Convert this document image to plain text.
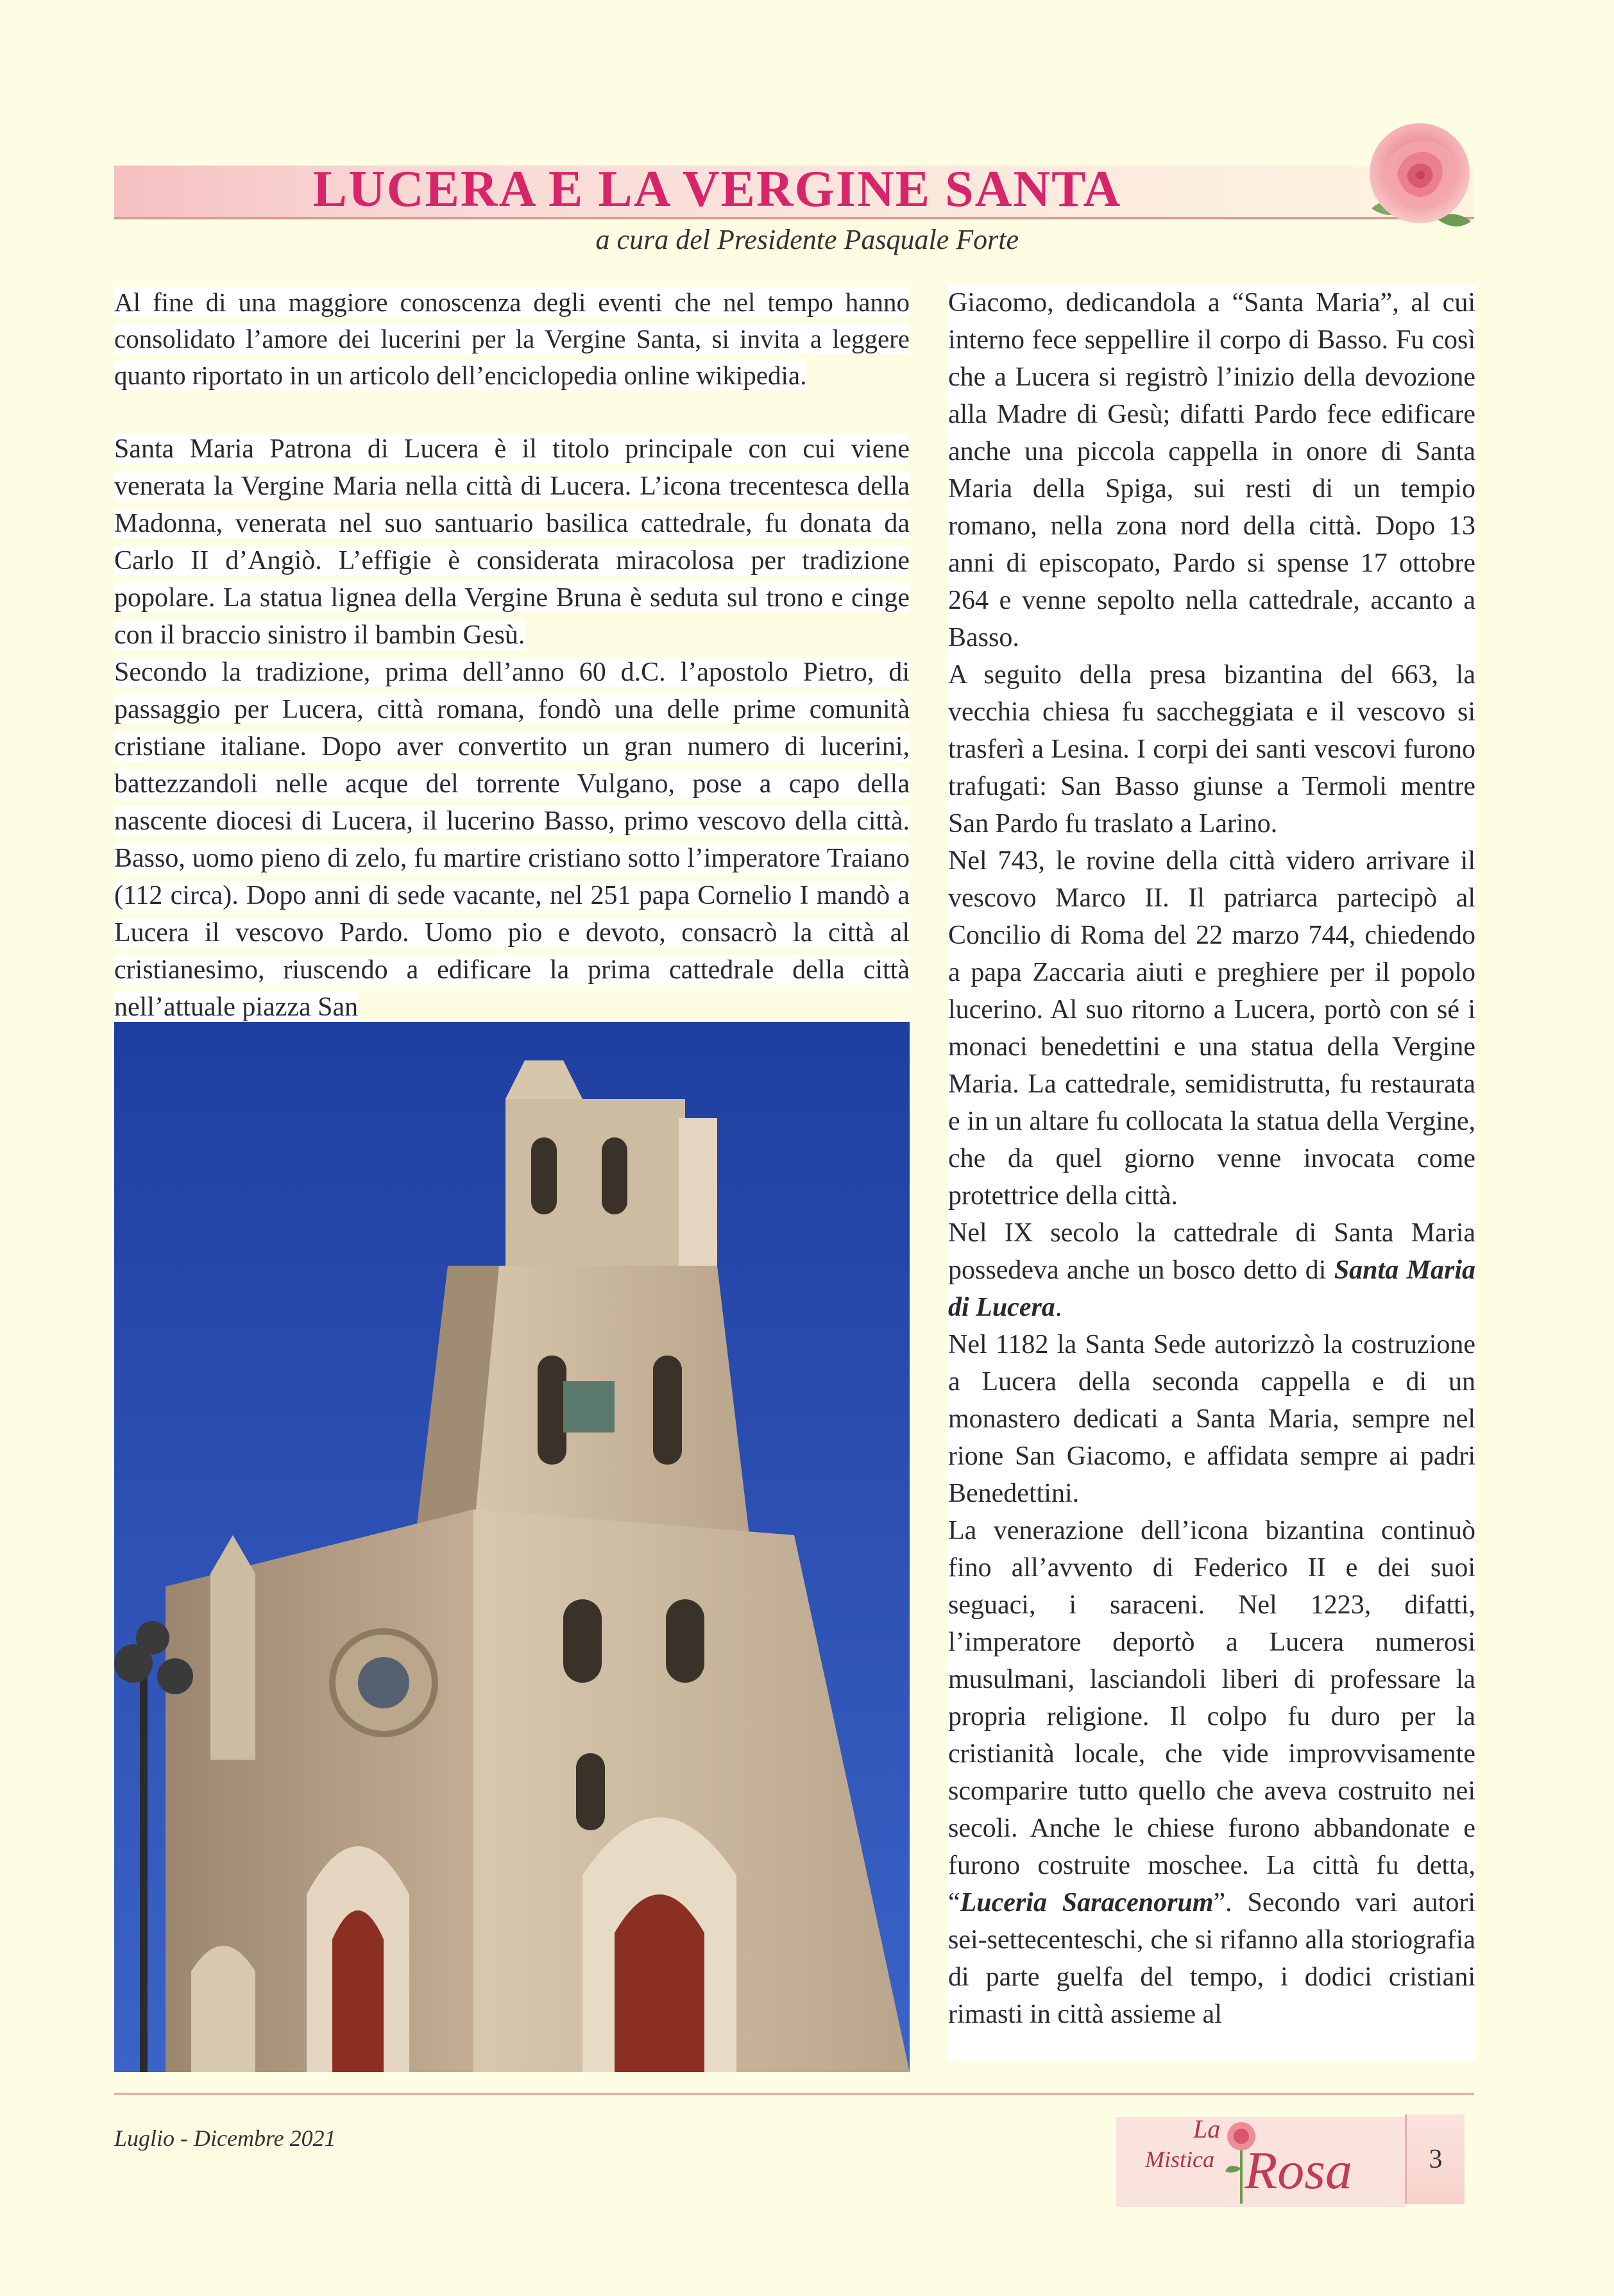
LUCERA E LA VERGINE SANTA
a cura del Presidente Pasquale Forte

Al fine di una maggiore conoscenza degli eventi che nel tempo hanno consolidato l’amore dei lucerini per la Vergine Santa, si invita a leggere quanto riportato in un articolo dell’enciclopedia online wikipedia.

Santa Maria Patrona di Lucera è il titolo principale con cui viene venerata la Vergine Maria nella città di Lucera. L’icona trecentesca della Madonna, venerata nel suo santuario basilica cattedrale, fu donata da Carlo II d’Angiò. L’effigie è considerata miracolosa per tradizione popolare. La statua lignea della Vergine Bruna è seduta sul trono e cinge con il braccio sinistro il bambin Gesù.

Secondo la tradizione, prima dell’anno 60 d.C. l’apostolo Pietro, di passaggio per Lucera, città romana, fondò una delle prime comunità cristiane italiane. Dopo aver convertito un gran numero di lucerini, battezzandoli nelle acque del torrente Vulgano, pose a capo della nascente diocesi di Lucera, il lucerino Basso, primo vescovo della città. Basso, uomo pieno di zelo, fu martire cristiano sotto l’imperatore Traiano (112 circa). Dopo anni di sede vacante, nel 251 papa Cornelio I mandò a Lucera il vescovo Pardo. Uomo pio e devoto, consacrò la città al cristianesimo, riuscendo a edificare la prima cattedrale della città nell’attuale piazza San

Giacomo, dedicandola a “Santa Maria”, al cui interno fece seppellire il corpo di Basso. Fu così che a Lucera si registrò l’inizio della devozione alla Madre di Gesù; difatti Pardo fece edificare anche una piccola cappella in onore di Santa Maria della Spiga, sui resti di un tempio romano, nella zona nord della città. Dopo 13 anni di episcopato, Pardo si spense 17 ottobre 264 e venne sepolto nella cattedrale, accanto a Basso.

A seguito della presa bizantina del 663, la vecchia chiesa fu saccheggiata e il vescovo si trasferì a Lesina. I corpi dei santi vescovi furono trafugati: San Basso giunse a Termoli mentre San Pardo fu traslato a Larino.

Nel 743, le rovine della città videro arrivare il vescovo Marco II. Il patriarca partecipò al Concilio di Roma del 22 marzo 744, chiedendo a papa Zaccaria aiuti e preghiere per il popolo lucerino. Al suo ritorno a Lucera, portò con sé i monaci benedettini e una statua della Vergine Maria. La cattedrale, semidistrutta, fu restaurata e in un altare fu collocata la statua della Vergine, che da quel giorno venne invocata come protettrice della città.

Nel IX secolo la cattedrale di Santa Maria possedeva anche un bosco detto di Santa Maria di Lucera.

Nel 1182 la Santa Sede autorizzò la costruzione a Lucera della seconda cappella e di un monastero dedicati a Santa Maria, sempre nel rione San Giacomo, e affidata sempre ai padri Benedettini.

La venerazione dell’icona bizantina continuò fino all’avvento di Federico II e dei suoi seguaci, i saraceni. Nel 1223, difatti, l’imperatore deportò a Lucera numerosi musulmani, lasciandoli liberi di professare la propria religione. Il colpo fu duro per la cristianità locale, che vide improvvisamente scomparire tutto quello che aveva costruito nei secoli. Anche le chiese furono abbandonate e furono costruite moschee. La città fu detta, “Luceria Saracenorum”. Secondo vari autori sei-settecenteschi, che si rifanno alla storiografia di parte guelfa del tempo, i dodici cristiani rimasti in città assieme al

Luglio - Dicembre 2021	La
Mistica Rosa	3
